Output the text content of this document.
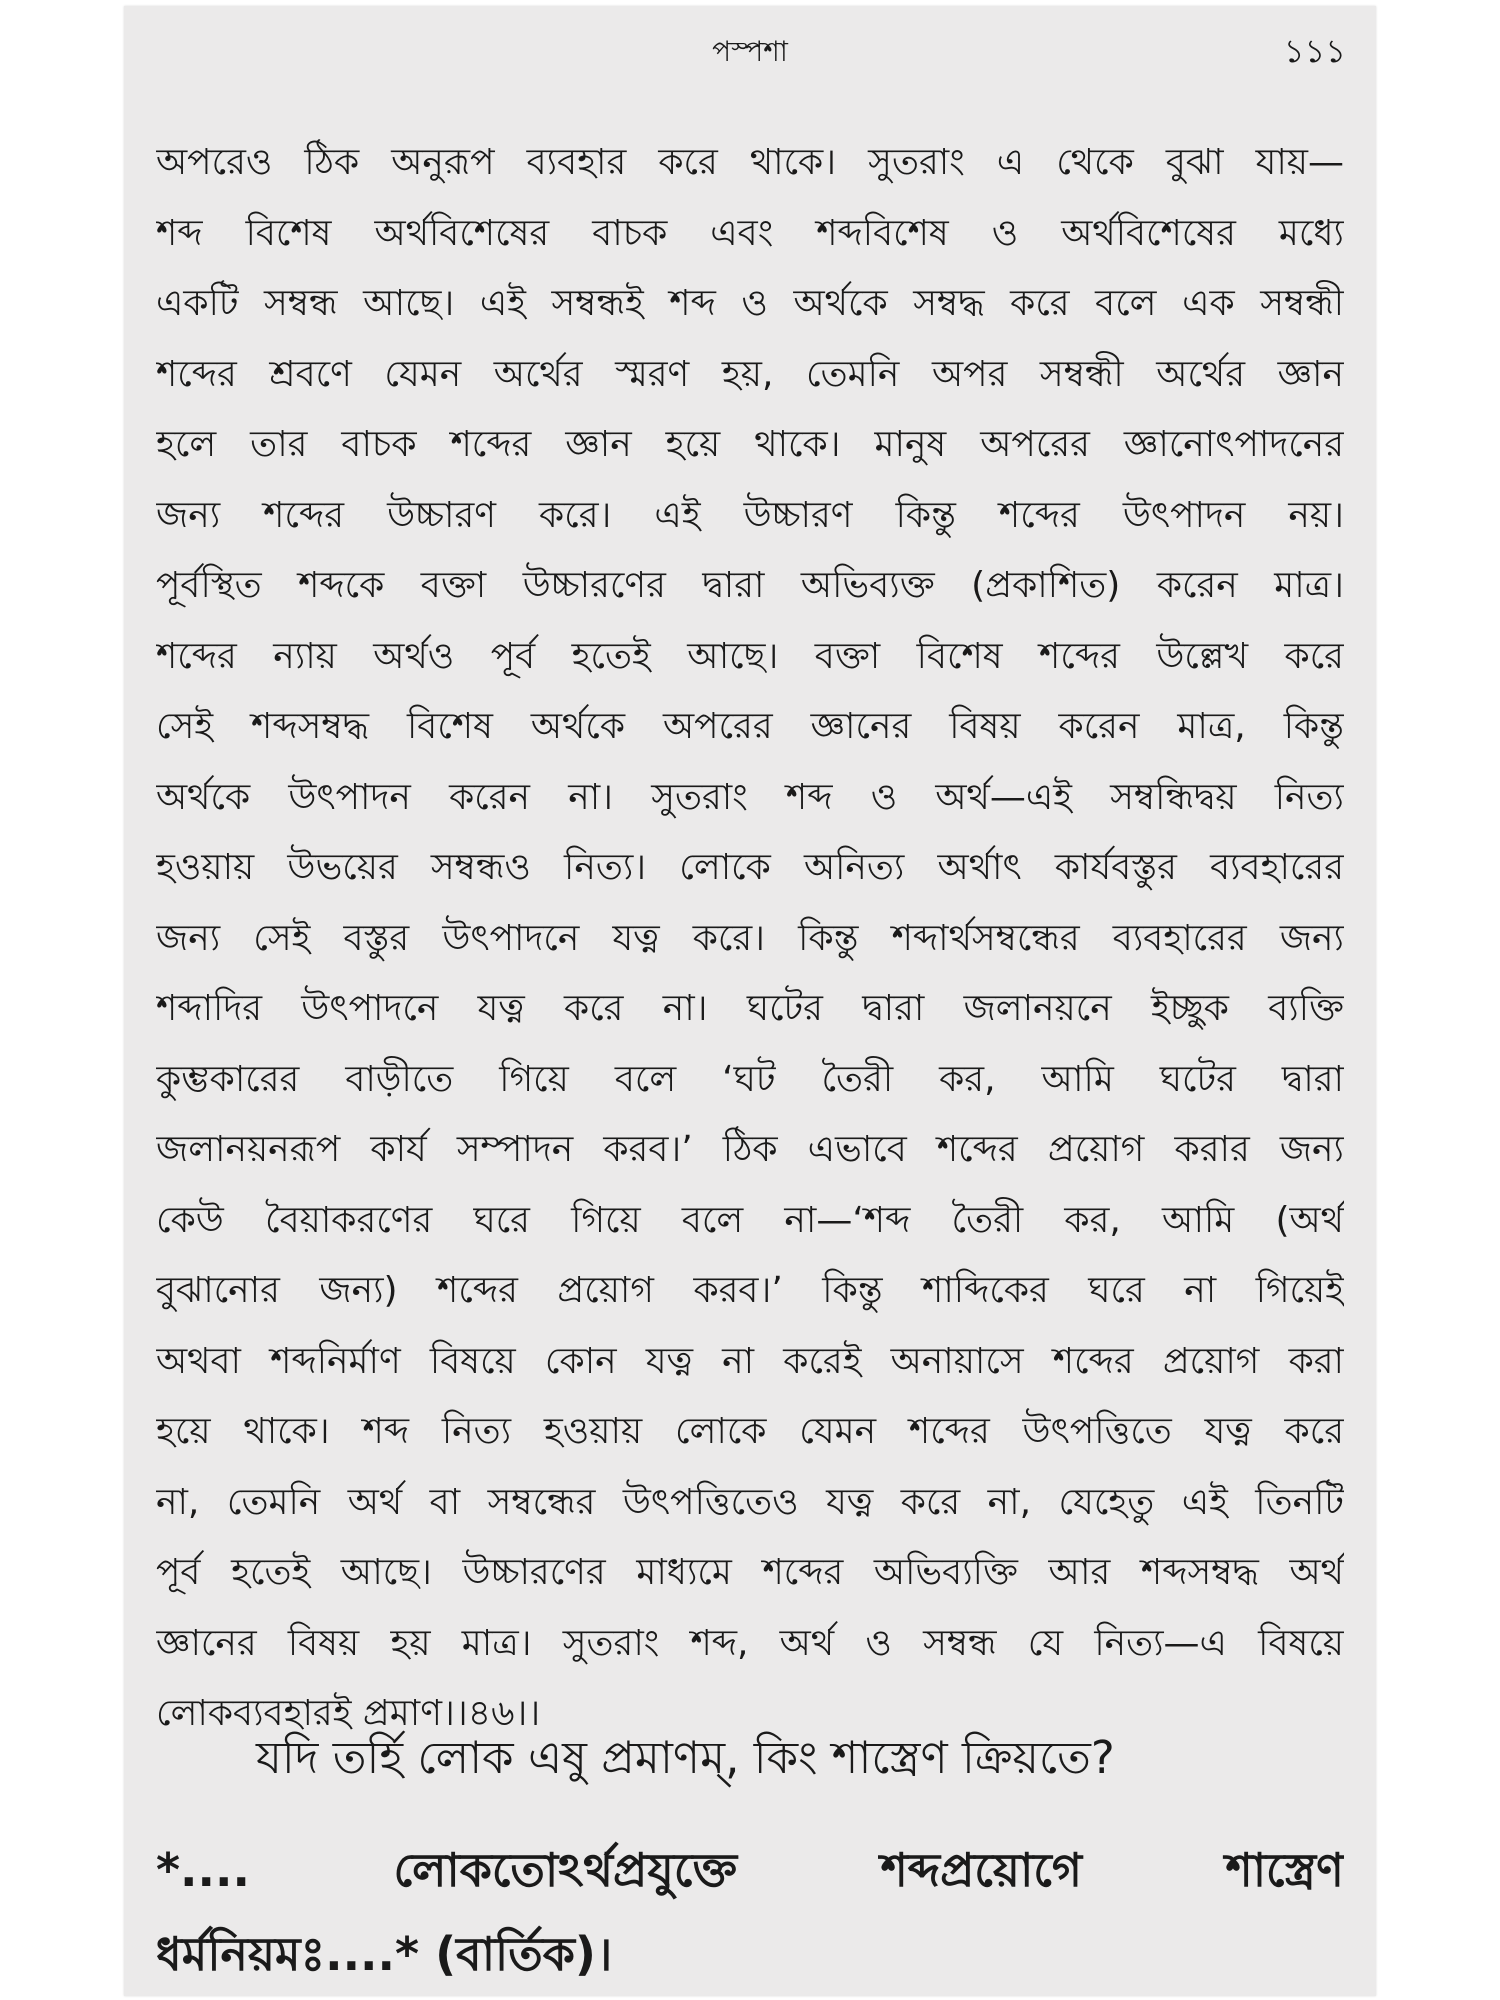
পস্পশা	১১১
অপরেও ঠিক অনুরূপ ব্যবহার করে থাকে। সুতরাং এ থেকে বুঝা যায়—
শব্দ বিশেষ অর্থবিশেষের বাচক এবং শব্দবিশেষ ও অর্থবিশেষের মধ্যে
একটি সম্বন্ধ আছে। এই সম্বন্ধই শব্দ ও অর্থকে সম্বদ্ধ করে বলে এক সম্বন্ধী
শব্দের শ্রবণে যেমন অর্থের স্মরণ হয়, তেমনি অপর সম্বন্ধী অর্থের জ্ঞান
হলে তার বাচক শব্দের জ্ঞান হয়ে থাকে। মানুষ অপরের জ্ঞানোৎপাদনের
জন্য শব্দের উচ্চারণ করে। এই উচ্চারণ কিন্তু শব্দের উৎপাদন নয়।
পূর্বস্থিত শব্দকে বক্তা উচ্চারণের দ্বারা অভিব্যক্ত (প্রকাশিত) করেন মাত্র।
শব্দের ন্যায় অর্থও পূর্ব হতেই আছে। বক্তা বিশেষ শব্দের উল্লেখ করে
সেই শব্দসম্বদ্ধ বিশেষ অর্থকে অপরের জ্ঞানের বিষয় করেন মাত্র, কিন্তু
অর্থকে উৎপাদন করেন না। সুতরাং শব্দ ও অর্থ—এই সম্বন্ধিদ্বয় নিত্য
হওয়ায় উভয়ের সম্বন্ধও নিত্য। লোকে অনিত্য অর্থাৎ কার্যবস্তুর ব্যবহারের
জন্য সেই বস্তুর উৎপাদনে যত্ন করে। কিন্তু শব্দার্থসম্বন্ধের ব্যবহারের জন্য
শব্দাদির উৎপাদনে যত্ন করে না। ঘটের দ্বারা জলানয়নে ইচ্ছুক ব্যক্তি
কুম্ভকারের বাড়ীতে গিয়ে বলে ‘ঘট তৈরী কর, আমি ঘটের দ্বারা
জলানয়নরূপ কার্য সম্পাদন করব।’ ঠিক এভাবে শব্দের প্রয়োগ করার জন্য
কেউ বৈয়াকরণের ঘরে গিয়ে বলে না—‘শব্দ তৈরী কর, আমি (অর্থ
বুঝানোর জন্য) শব্দের প্রয়োগ করব।’ কিন্তু শাব্দিকের ঘরে না গিয়েই
অথবা শব্দনির্মাণ বিষয়ে কোন যত্ন না করেই অনায়াসে শব্দের প্রয়োগ করা
হয়ে থাকে। শব্দ নিত্য হওয়ায় লোকে যেমন শব্দের উৎপত্তিতে যত্ন করে
না, তেমনি অর্থ বা সম্বন্ধের উৎপত্তিতেও যত্ন করে না, যেহেতু এই তিনটি
পূর্ব হতেই আছে। উচ্চারণের মাধ্যমে শব্দের অভিব্যক্তি আর শব্দসম্বদ্ধ অর্থ
জ্ঞানের বিষয় হয় মাত্র। সুতরাং শব্দ, অর্থ ও সম্বন্ধ যে নিত্য—এ বিষয়ে
লোকব্যবহারই প্রমাণ।।৪৬।।
যদি তর্হি লোক এষু প্রমাণম্, কিং শাস্ত্রেণ ক্রিয়তে?
*.... লোকতোঽর্থপ্রযুক্তে শব্দপ্রয়োগে শাস্ত্রেণ
ধর্মনিয়মঃ....* (বার্তিক)।
